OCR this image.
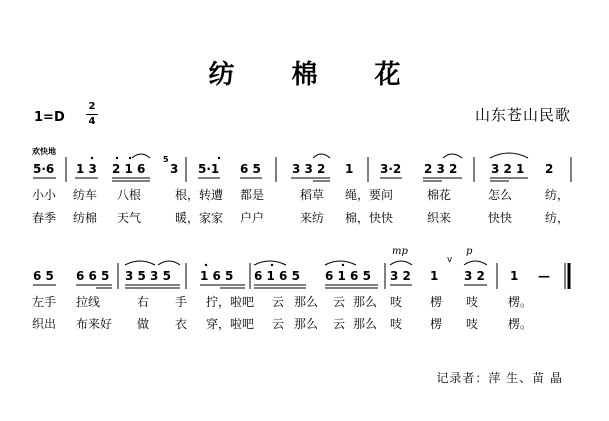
纺 棉 花
1=D
2
4	山东苍山民歌
欢快地
5·6 1 3 2 1 6
5
3 5·1 6 5	3 3 2 1 3·2 2 3 2	3 2 1 2
小小 纺车 八根	根，转遭 都是	稻草 绳，要问	棉花	怎么	纺，
春季 纺棉 天气	暖，家家 户户	来纺 棉，快快	织来	快快	纺，
mp	p
v
6 5 6 6 5 3 5 3 5 1 6 5 6 1 6 5 6 1 6 5 3 2 1 3 2 1 —
左手 拉线	右 手 拧，啦吧 云 那么 云 那么 吱 楞 吱 楞。
织出 布来好 做 衣 穿，啦吧 云 那么 云 那么 吱 楞 吱 楞。
记录者：萍 生、苗 晶
